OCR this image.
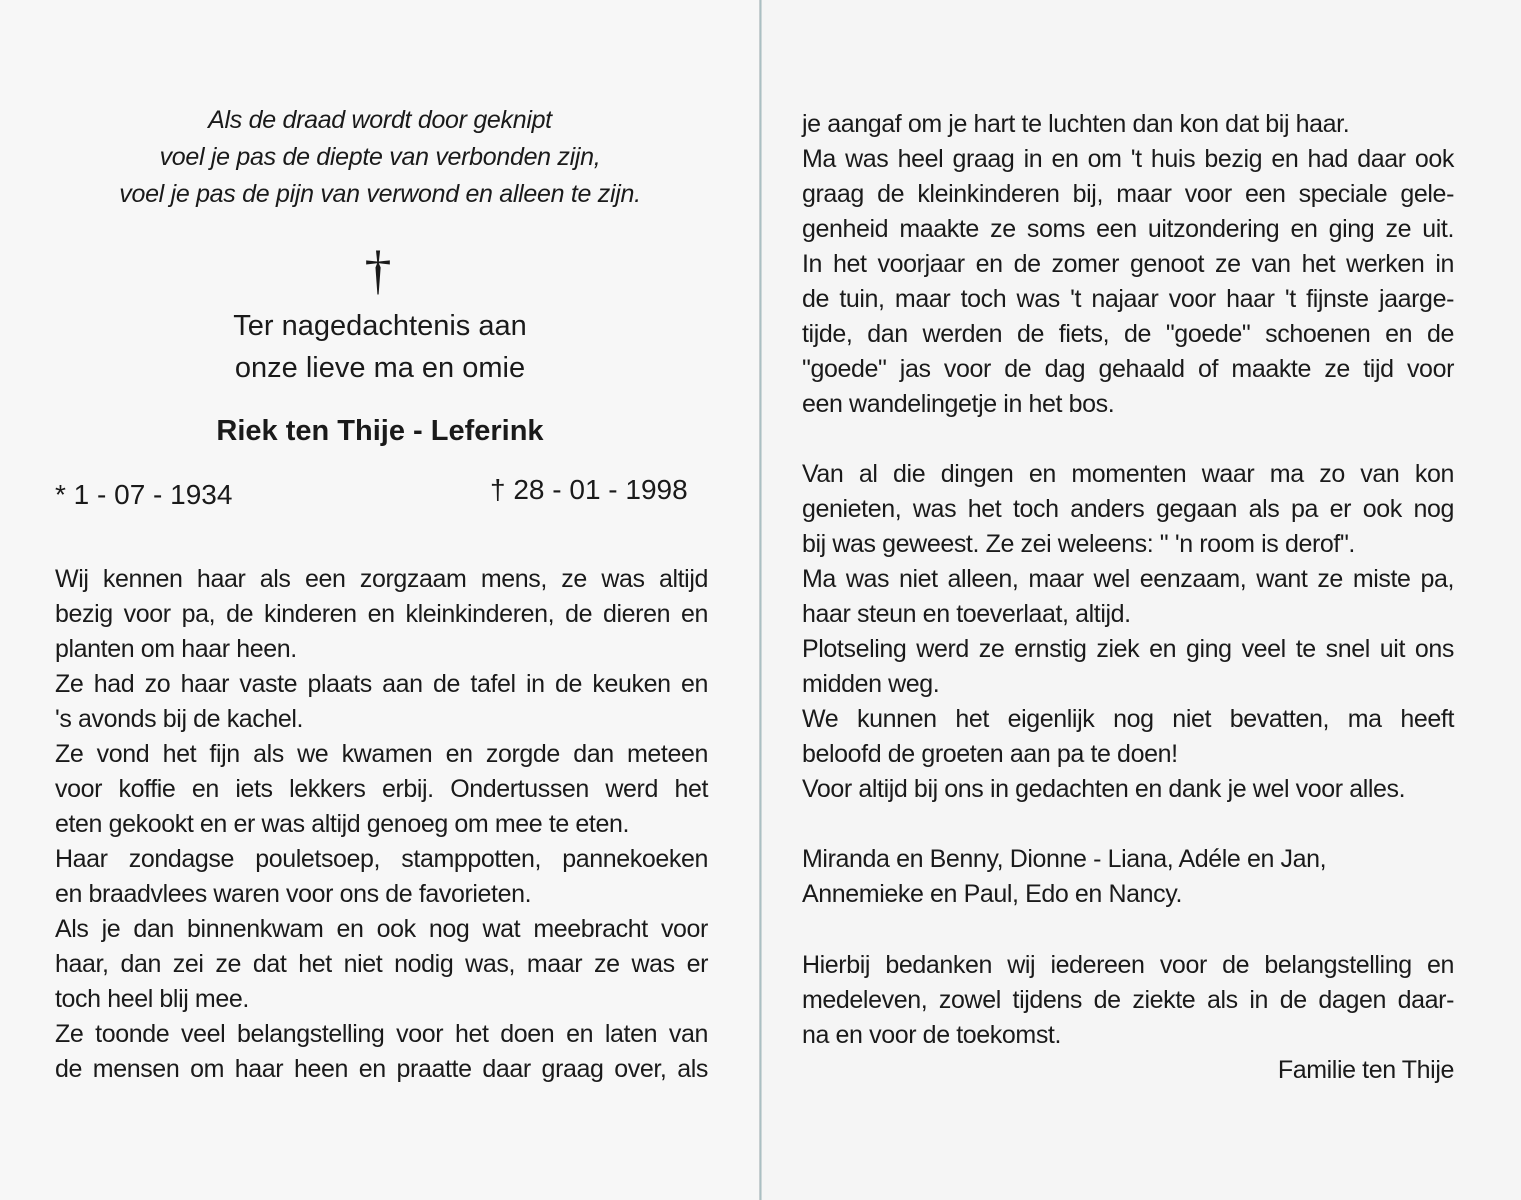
Als de draad wordt door geknipt
voel je pas de diepte van verbonden zijn,
voel je pas de pijn van verwond en alleen te zijn.
†
Ter nagedachtenis aan
onze lieve ma en omie
Riek ten Thije - Leferink
* 1 - 07 - 1934	† 28 - 01 - 1998

Wij kennen haar als een zorgzaam mens, ze was altijd

bezig voor pa, de kinderen en kleinkinderen, de dieren en

planten om haar heen.

Ze had zo haar vaste plaats aan de tafel in de keuken en

's avonds bij de kachel.

Ze vond het fijn als we kwamen en zorgde dan meteen

voor koffie en iets lekkers erbij. Ondertussen werd het

eten gekookt en er was altijd genoeg om mee te eten.

Haar zondagse pouletsoep, stamppotten, pannekoeken

en braadvlees waren voor ons de favorieten.

Als je dan binnenkwam en ook nog wat meebracht voor

haar, dan zei ze dat het niet nodig was, maar ze was er

toch heel blij mee.

Ze toonde veel belangstelling voor het doen en laten van

de mensen om haar heen en praatte daar graag over, als

je aangaf om je hart te luchten dan kon dat bij haar.

Ma was heel graag in en om 't huis bezig en had daar ook

graag de kleinkinderen bij, maar voor een speciale gele-

genheid maakte ze soms een uitzondering en ging ze uit.

In het voorjaar en de zomer genoot ze van het werken in

de tuin, maar toch was 't najaar voor haar 't fijnste jaarge-

tijde, dan werden de fiets, de "goede" schoenen en de

"goede" jas voor de dag gehaald of maakte ze tijd voor

een wandelingetje in het bos.

Van al die dingen en momenten waar ma zo van kon

genieten, was het toch anders gegaan als pa er ook nog

bij was geweest. Ze zei weleens: " 'n room is derof".

Ma was niet alleen, maar wel eenzaam, want ze miste pa,

haar steun en toeverlaat, altijd.

Plotseling werd ze ernstig ziek en ging veel te snel uit ons

midden weg.

We kunnen het eigenlijk nog niet bevatten, ma heeft

beloofd de groeten aan pa te doen!

Voor altijd bij ons in gedachten en dank je wel voor alles.

Miranda en Benny, Dionne - Liana, Adéle en Jan,

Annemieke en Paul, Edo en Nancy.

Hierbij bedanken wij iedereen voor de belangstelling en

medeleven, zowel tijdens de ziekte als in de dagen daar-

na en voor de toekomst.

Familie ten Thije
